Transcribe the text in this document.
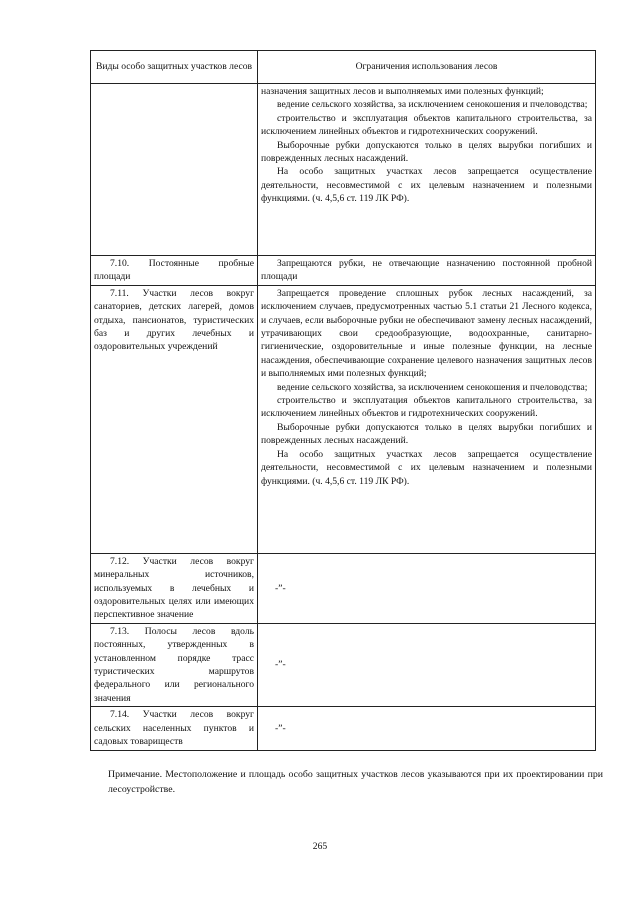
Виды особо защитных участков лесов	Ограничения использования лесов

	назначения защитных лесов и выполняемых ими полезных функций;

ведение сельского хозяйства, за исключением сенокошения и пчеловодства;

строительство и эксплуатация объектов капитального строительства, за исключением линейных объектов и гидротехнических сооружений.

Выборочные рубки допускаются только в целях вырубки погибших и поврежденных лесных насаждений.

На особо защитных участках лесов запрещается осуществление деятельности, несовместимой с их целевым назначением и полезными функциями. (ч. 4,5,6 ст. 119 ЛК РФ).

7.10. Постоянные пробные площади	Запрещаются рубки, не отвечающие назначению постоянной пробной площади

7.11. Участки лесов вокруг санаториев, детских лагерей, домов отдыха, пансионатов, туристических баз и других лечебных и оздоровительных учреждений	Запрещается проведение сплошных рубок лесных насаждений, за исключением случаев, предусмотренных частью 5.1 статьи 21 Лесного кодекса, и случаев, если выборочные рубки не обеспечивают замену лесных насаждений, утрачивающих свои средообразующие, водоохранные, санитарно-гигиенические, оздоровительные и иные полезные функции, на лесные насаждения, обеспечивающие сохранение целевого назначения защитных лесов и выполняемых ими полезных функций;

ведение сельского хозяйства, за исключением сенокошения и пчеловодства;

строительство и эксплуатация объектов капитального строительства, за исключением линейных объектов и гидротехнических сооружений.

Выборочные рубки допускаются только в целях вырубки погибших и поврежденных лесных насаждений.

На особо защитных участках лесов запрещается осуществление деятельности, несовместимой с их целевым назначением и полезными функциями. (ч. 4,5,6 ст. 119 ЛК РФ).

7.12. Участки лесов вокруг минеральных источников, используемых в лечебных и оздоровительных целях или имеющих перспективное значение	-”-
7.13. Полосы лесов вдоль постоянных, утвержденных в установленном порядке трасс туристических маршрутов федерального или регионального значения	-”-
7.14. Участки лесов вокруг сельских населенных пунктов и садовых товариществ	-”-
Примечание. Местоположение и площадь особо защитных участков лесов указываются при их проектировании при лесоустройстве.
265
